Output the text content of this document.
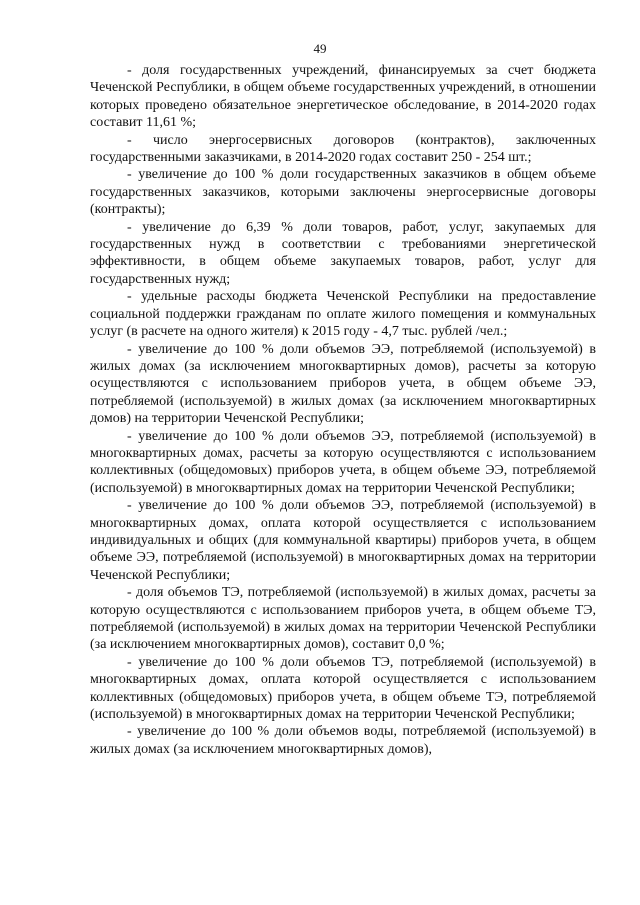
49

- доля государственных учреждений, финансируемых за счет бюджета Чеченской Республики, в общем объеме государственных учреждений, в отношении которых проведено обязательное энергетическое обследование, в 2014-2020 годах составит 11,61 %;

- число энергосервисных договоров (контрактов), заключенных государственными заказчиками, в 2014-2020 годах составит 250 - 254 шт.;

- увеличение до 100 % доли государственных заказчиков в общем объеме государственных заказчиков, которыми заключены энергосервисные договоры (контракты);

- увеличение до 6,39 % доли товаров, работ, услуг, закупаемых для государственных нужд в соответствии с требованиями энергетической эффективности, в общем объеме закупаемых товаров, работ, услуг для государственных нужд;

- удельные расходы бюджета Чеченской Республики на предоставление социальной поддержки гражданам по оплате жилого помещения и коммунальных услуг (в расчете на одного жителя) к 2015 году - 4,7 тыс. рублей /чел.;

- увеличение до 100 % доли объемов ЭЭ, потребляемой (используемой) в жилых домах (за исключением многоквартирных домов), расчеты за которую осуществляются с использованием приборов учета, в общем объеме ЭЭ, потребляемой (используемой) в жилых домах (за исключением многоквартирных домов) на территории Чеченской Республики;

- увеличение до 100 % доли объемов ЭЭ, потребляемой (используемой) в многоквартирных домах, расчеты за которую осуществляются с использованием коллективных (общедомовых) приборов учета, в общем объеме ЭЭ, потребляемой (используемой) в многоквартирных домах на территории Чеченской Республики;

- увеличение до 100 % доли объемов ЭЭ, потребляемой (используемой) в многоквартирных домах, оплата которой осуществляется с использованием индивидуальных и общих (для коммунальной квартиры) приборов учета, в общем объеме ЭЭ, потребляемой (используемой) в многоквартирных домах на территории Чеченской Республики;

- доля объемов ТЭ, потребляемой (используемой) в жилых домах, расчеты за которую осуществляются с использованием приборов учета, в общем объеме ТЭ, потребляемой (используемой) в жилых домах на территории Чеченской Республики (за исключением многоквартирных домов), составит 0,0 %;

- увеличение до 100 % доли объемов ТЭ, потребляемой (используемой) в многоквартирных домах, оплата которой осуществляется с использованием коллективных (общедомовых) приборов учета, в общем объеме ТЭ, потребляемой (используемой) в многоквартирных домах на территории Чеченской Республики;

- увеличение до 100 % доли объемов воды, потребляемой (используемой) в жилых домах (за исключением многоквартирных домов),
